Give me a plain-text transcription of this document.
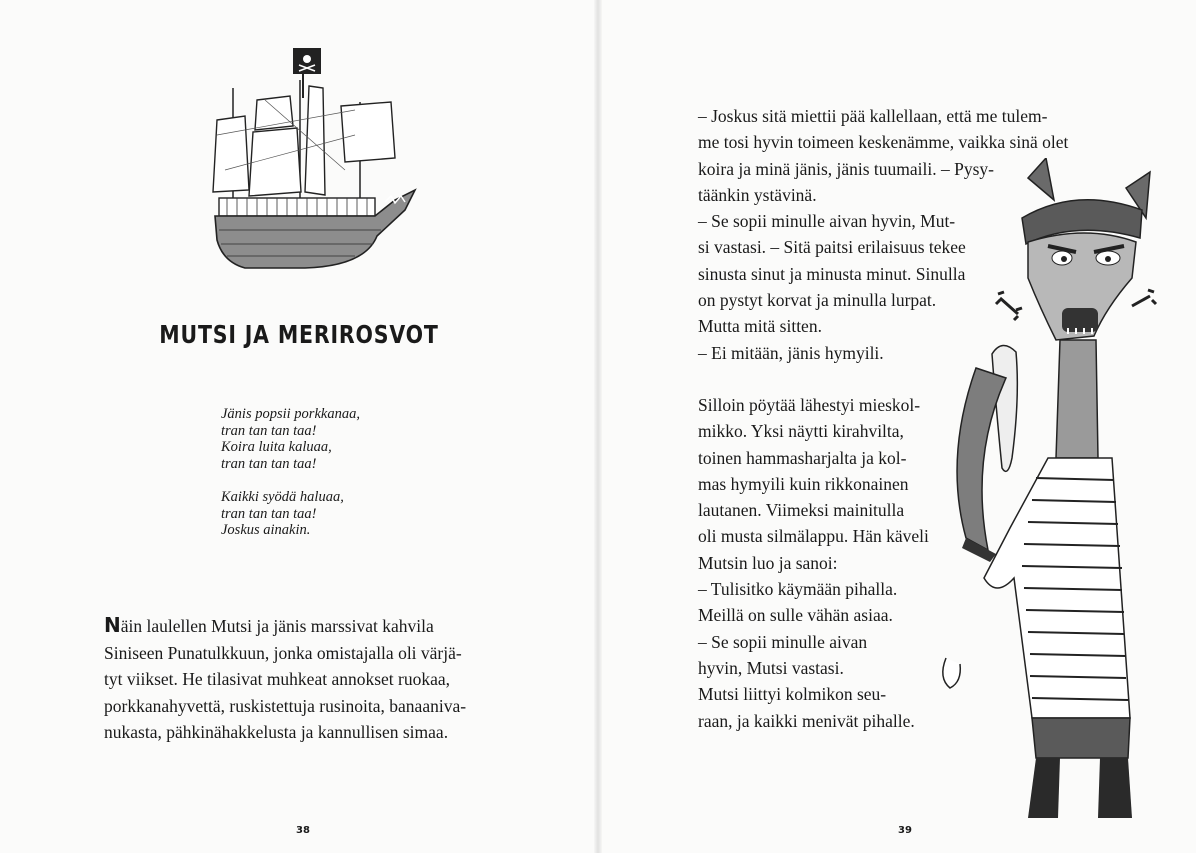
MUTSI JA MERIROSVOT
Jänis popsii porkkanaa,
tran tan tan taa!
Koira luita kaluaa,
tran tan tan taa!
Kaikki syödä haluaa,
tran tan tan taa!
Joskus ainakin.
Näin laulellen Mutsi ja jänis marssivat kahvila
Siniseen Punatulkkuun, jonka omistajalla oli värjä-
tyt viikset. He tilasivat muhkeat annokset ruokaa,
porkkanahyvettä, ruskistettuja rusinoita, banaaniva-
nukasta, pähkinähakkelusta ja kannullisen simaa.
38
– Joskus sitä miettii pää kallellaan, että me tulem-
me tosi hyvin toimeen keskenämme, vaikka sinä olet
koira ja minä jänis, jänis tuumaili. – Pysy-
täänkin ystävinä.
– Se sopii minulle aivan hyvin, Mut-
si vastasi. – Sitä paitsi erilaisuus tekee
sinusta sinut ja minusta minut. Sinulla
on pystyt korvat ja minulla lurpat.
Mutta mitä sitten.
– Ei mitään, jänis hymyili.
Silloin pöytää lähestyi mieskol-
mikko. Yksi näytti kirahvilta,
toinen hammasharjalta ja kol-
mas hymyili kuin rikkonainen
lautanen. Viimeksi mainitulla
oli musta silmälappu. Hän käveli
Mutsin luo ja sanoi:
– Tulisitko käymään pihalla.
Meillä on sulle vähän asiaa.
– Se sopii minulle aivan
hyvin, Mutsi vastasi.
Mutsi liittyi kolmikon seu-
raan, ja kaikki menivät pihalle.
39
